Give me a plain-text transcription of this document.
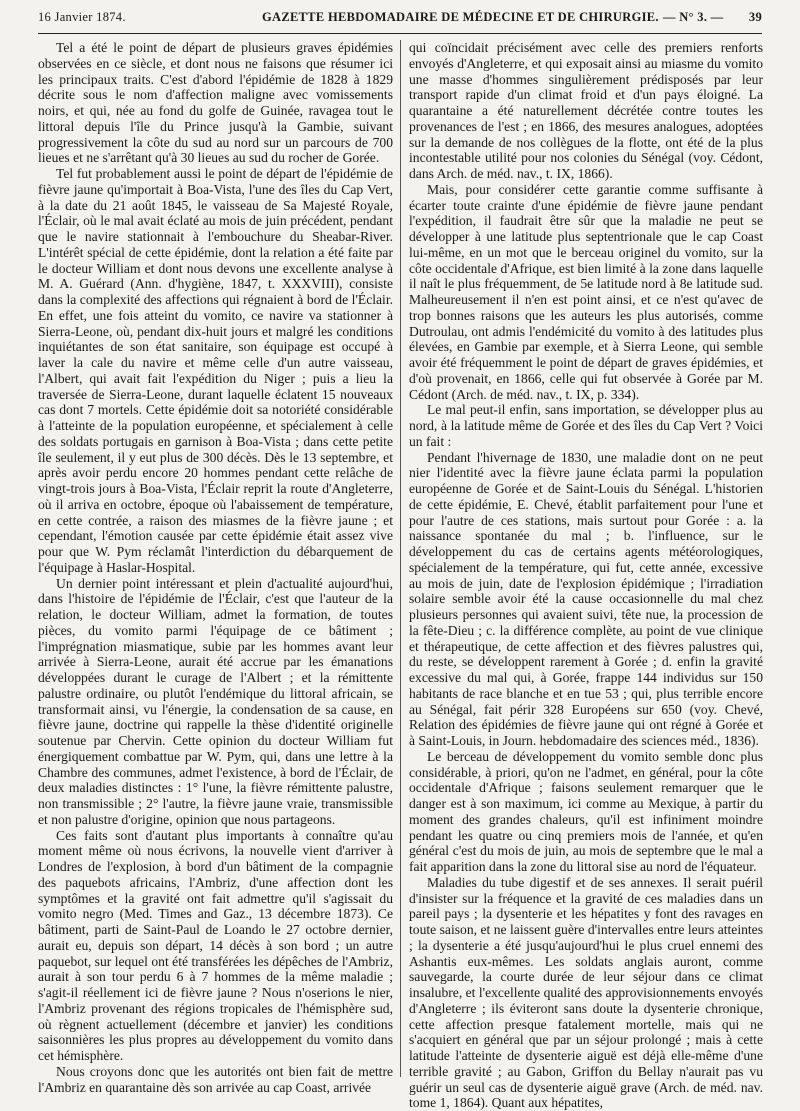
16 Janvier 1874.	GAZETTE HEBDOMADAIRE DE MÉDECINE ET DE CHIRURGIE. — N° 3. — 39

Tel a été le point de départ de plusieurs graves épidémies observées en ce siècle, et dont nous ne faisons que résumer ici les principaux traits. C'est d'abord l'épidémie de 1828 à 1829 décrite sous le nom d'affection maligne avec vomissements noirs, et qui, née au fond du golfe de Guinée, ravagea tout le littoral depuis l'île du Prince jusqu'à la Gambie, suivant progressivement la côte du sud au nord sur un parcours de 700 lieues et ne s'arrêtant qu'à 30 lieues au sud du rocher de Gorée.

Tel fut probablement aussi le point de départ de l'épidémie de fièvre jaune qu'importait à Boa-Vista, l'une des îles du Cap Vert, à la date du 21 août 1845, le vaisseau de Sa Majesté Royale, l'Éclair, où le mal avait éclaté au mois de juin précédent, pendant que le navire stationnait à l'embouchure du Sheabar-River. L'intérêt spécial de cette épidémie, dont la relation a été faite par le docteur William et dont nous devons une excellente analyse à M. A. Guérard (Ann. d'hygiène, 1847, t. XXXVIII), consiste dans la complexité des affections qui régnaient à bord de l'Éclair. En effet, une fois atteint du vomito, ce navire va stationner à Sierra-Leone, où, pendant dix-huit jours et malgré les conditions inquiétantes de son état sanitaire, son équipage est occupé à laver la cale du navire et même celle d'un autre vaisseau, l'Albert, qui avait fait l'expédition du Niger ; puis a lieu la traversée de Sierra-Leone, durant laquelle éclatent 15 nouveaux cas dont 7 mortels. Cette épidémie doit sa notoriété considérable à l'atteinte de la population européenne, et spécialement à celle des soldats portugais en garnison à Boa-Vista ; dans cette petite île seulement, il y eut plus de 300 décès. Dès le 13 septembre, et après avoir perdu encore 20 hommes pendant cette relâche de vingt-trois jours à Boa-Vista, l'Éclair reprit la route d'Angleterre, où il arriva en octobre, époque où l'abaissement de température, en cette contrée, a raison des miasmes de la fièvre jaune ; et cependant, l'émotion causée par cette épidémie était assez vive pour que W. Pym réclamât l'interdiction du débarquement de l'équipage à Haslar-Hospital.

Un dernier point intéressant et plein d'actualité aujourd'hui, dans l'histoire de l'épidémie de l'Éclair, c'est que l'auteur de la relation, le docteur William, admet la formation, de toutes pièces, du vomito parmi l'équipage de ce bâtiment ; l'imprégnation miasmatique, subie par les hommes avant leur arrivée à Sierra-Leone, aurait été accrue par les émanations développées durant le curage de l'Albert ; et la rémittente palustre ordinaire, ou plutôt l'endémique du littoral africain, se transformait ainsi, vu l'énergie, la condensation de sa cause, en fièvre jaune, doctrine qui rappelle la thèse d'identité originelle soutenue par Chervin. Cette opinion du docteur William fut énergiquement combattue par W. Pym, qui, dans une lettre à la Chambre des communes, admet l'existence, à bord de l'Éclair, de deux maladies distinctes : 1° l'une, la fièvre rémittente palustre, non transmissible ; 2° l'autre, la fièvre jaune vraie, transmissible et non palustre d'origine, opinion que nous partageons.

Ces faits sont d'autant plus importants à connaître qu'au moment même où nous écrivons, la nouvelle vient d'arriver à Londres de l'explosion, à bord d'un bâtiment de la compagnie des paquebots africains, l'Ambriz, d'une affection dont les symptômes et la gravité ont fait admettre qu'il s'agissait du vomito negro (Med. Times and Gaz., 13 décembre 1873). Ce bâtiment, parti de Saint-Paul de Loando le 27 octobre dernier, aurait eu, depuis son départ, 14 décès à son bord ; un autre paquebot, sur lequel ont été transférées les dépêches de l'Ambriz, aurait à son tour perdu 6 à 7 hommes de la même maladie ; s'agit-il réellement ici de fièvre jaune ? Nous n'oserions le nier, l'Ambriz provenant des régions tropicales de l'hémisphère sud, où règnent actuellement (décembre et janvier) les conditions saisonnières les plus propres au développement du vomito dans cet hémisphère.

Nous croyons donc que les autorités ont bien fait de mettre l'Ambriz en quarantaine dès son arrivée au cap Coast, arrivée

qui coïncidait précisément avec celle des premiers renforts envoyés d'Angleterre, et qui exposait ainsi au miasme du vomito une masse d'hommes singulièrement prédisposés par leur transport rapide d'un climat froid et d'un pays éloigné. La quarantaine a été naturellement décrétée contre toutes les provenances de l'est ; en 1866, des mesures analogues, adoptées sur la demande de nos collègues de la flotte, ont été de la plus incontestable utilité pour nos colonies du Sénégal (voy. Cédont, dans Arch. de méd. nav., t. IX, 1866).

Mais, pour considérer cette garantie comme suffisante à écarter toute crainte d'une épidémie de fièvre jaune pendant l'expédition, il faudrait être sûr que la maladie ne peut se développer à une latitude plus septentrionale que le cap Coast lui-même, en un mot que le berceau originel du vomito, sur la côte occidentale d'Afrique, est bien limité à la zone dans laquelle il naît le plus fréquemment, de 5e latitude nord à 8e latitude sud. Malheureusement il n'en est point ainsi, et ce n'est qu'avec de trop bonnes raisons que les auteurs les plus autorisés, comme Dutroulau, ont admis l'endémicité du vomito à des latitudes plus élevées, en Gambie par exemple, et à Sierra Leone, qui semble avoir été fréquemment le point de départ de graves épidémies, et d'où provenait, en 1866, celle qui fut observée à Gorée par M. Cédont (Arch. de méd. nav., t. IX, p. 334).

Le mal peut-il enfin, sans importation, se développer plus au nord, à la latitude même de Gorée et des îles du Cap Vert ? Voici un fait :

Pendant l'hivernage de 1830, une maladie dont on ne peut nier l'identité avec la fièvre jaune éclata parmi la population européenne de Gorée et de Saint-Louis du Sénégal. L'historien de cette épidémie, E. Chevé, établit parfaitement pour l'une et pour l'autre de ces stations, mais surtout pour Gorée : a. la naissance spontanée du mal ; b. l'influence, sur le développement du cas de certains agents météorologiques, spécialement de la température, qui fut, cette année, excessive au mois de juin, date de l'explosion épidémique ; l'irradiation solaire semble avoir été la cause occasionnelle du mal chez plusieurs personnes qui avaient suivi, tête nue, la procession de la fête-Dieu ; c. la différence complète, au point de vue clinique et thérapeutique, de cette affection et des fièvres palustres qui, du reste, se développent rarement à Gorée ; d. enfin la gravité excessive du mal qui, à Gorée, frappe 144 individus sur 150 habitants de race blanche et en tue 53 ; qui, plus terrible encore au Sénégal, fait périr 328 Européens sur 650 (voy. Chevé, Relation des épidémies de fièvre jaune qui ont régné à Gorée et à Saint-Louis, in Journ. hebdomadaire des sciences méd., 1836).

Le berceau de développement du vomito semble donc plus considérable, à priori, qu'on ne l'admet, en général, pour la côte occidentale d'Afrique ; faisons seulement remarquer que le danger est à son maximum, ici comme au Mexique, à partir du moment des grandes chaleurs, qu'il est infiniment moindre pendant les quatre ou cinq premiers mois de l'année, et qu'en général c'est du mois de juin, au mois de septembre que le mal a fait apparition dans la zone du littoral sise au nord de l'équateur.

Maladies du tube digestif et de ses annexes. Il serait puéril d'insister sur la fréquence et la gravité de ces maladies dans un pareil pays ; la dysenterie et les hépatites y font des ravages en toute saison, et ne laissent guère d'intervalles entre leurs atteintes ; la dysenterie a été jusqu'aujourd'hui le plus cruel ennemi des Ashantis eux-mêmes. Les soldats anglais auront, comme sauvegarde, la courte durée de leur séjour dans ce climat insalubre, et l'excellente qualité des approvisionnements envoyés d'Angleterre ; ils éviteront sans doute la dysenterie chronique, cette affection presque fatalement mortelle, mais qui ne s'acquiert en général que par un séjour prolongé ; mais à cette latitude l'atteinte de dysenterie aiguë est déjà elle-même d'une terrible gravité ; au Gabon, Griffon du Bellay n'aurait pas vu guérir un seul cas de dysenterie aiguë grave (Arch. de méd. nav. tome 1, 1864). Quant aux hépatites,
